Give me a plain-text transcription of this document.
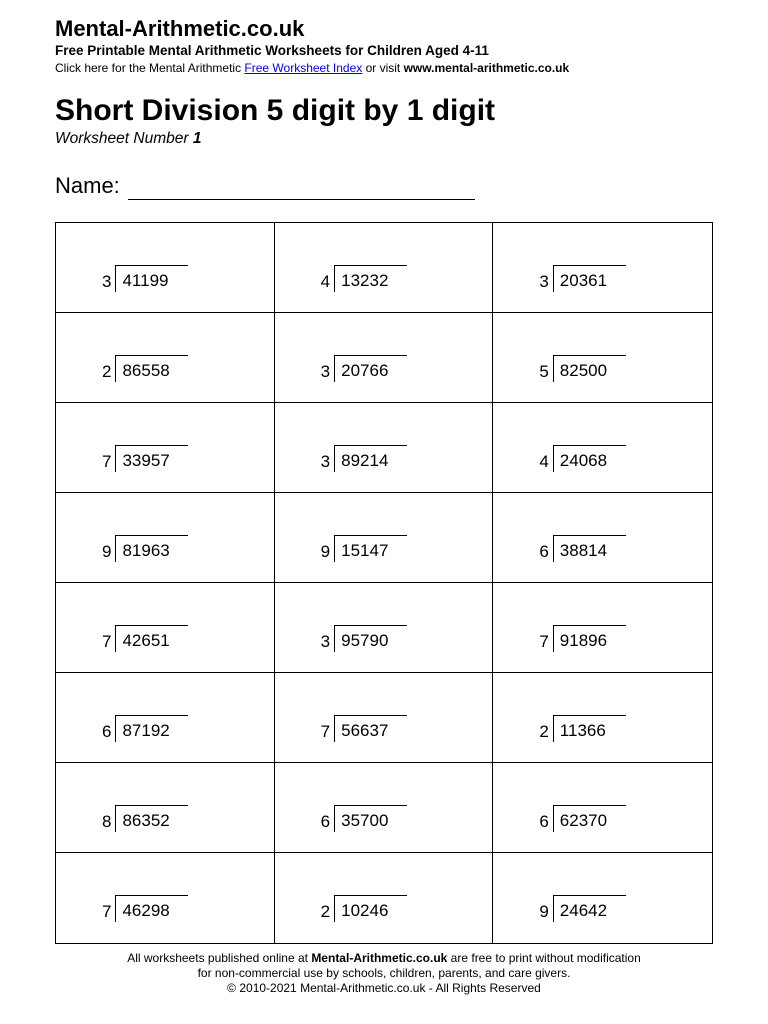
Mental-Arithmetic.co.uk
Free Printable Mental Arithmetic Worksheets for Children Aged 4-11
Click here for the Mental Arithmetic Free Worksheet Index or visit www.mental-arithmetic.co.uk
Short Division 5 digit by 1 digit
Worksheet Number 1
Name:
3 41199	4 13232	3 20361
2 86558	3 20766	5 82500
7 33957	3 89214	4 24068
9 81963	9 15147	6 38814
7 42651	3 95790	7 91896
6 87192	7 56637	2 11366
8 86352	6 35700	6 62370
7 46298	2 10246	9 24642
All worksheets published online at Mental-Arithmetic.co.uk are free to print without modification
for non-commercial use by schools, children, parents, and care givers.
© 2010-2021 Mental-Arithmetic.co.uk - All Rights Reserved
